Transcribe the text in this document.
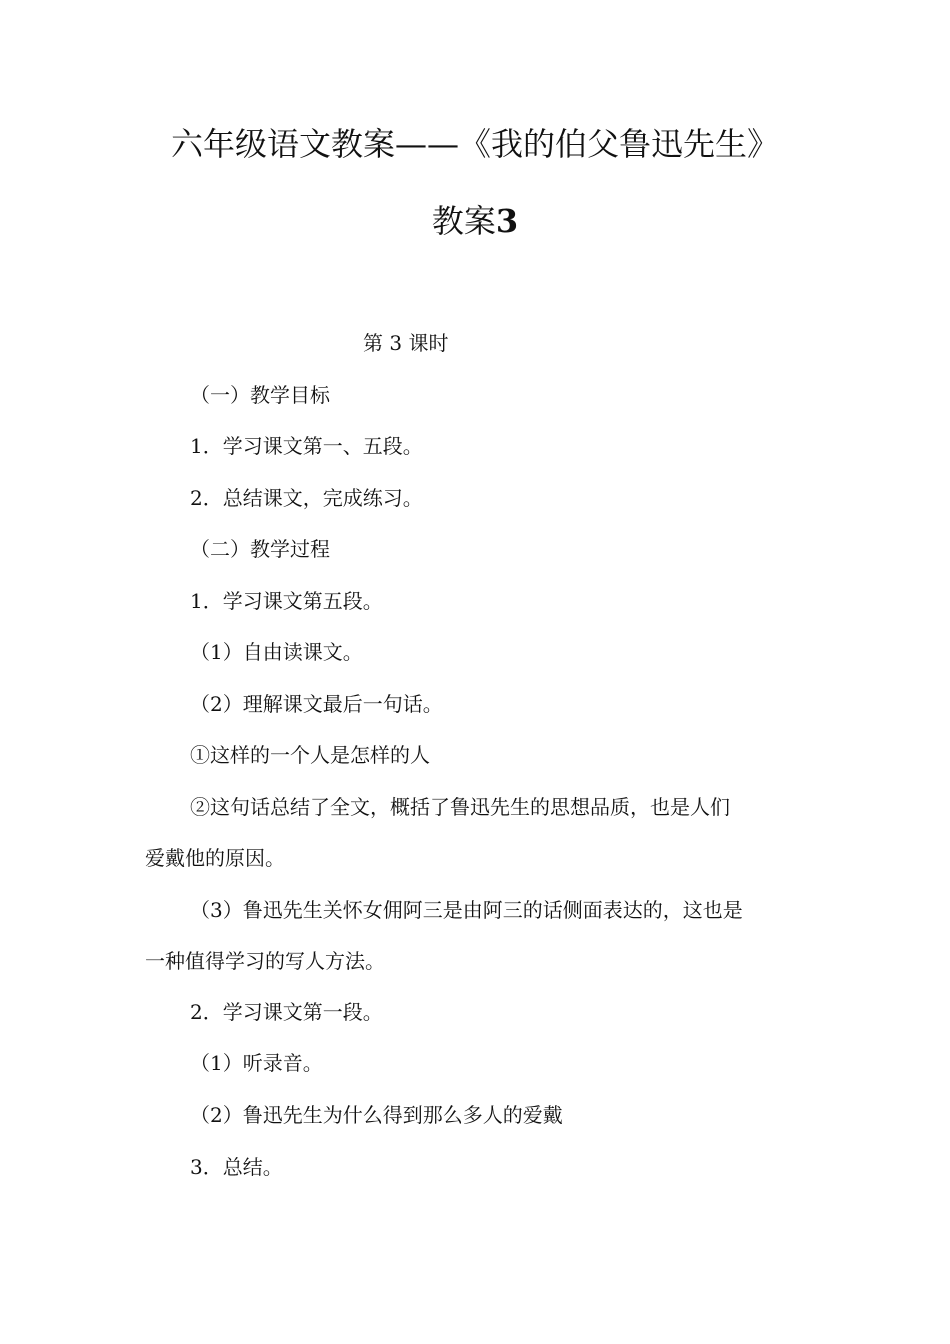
六年级语文教案——《我的伯父鲁迅先生》
教案3
第 3 课时
（一）教学目标
1．学习课文第一、五段。
2．总结课文，完成练习。
（二）教学过程
1．学习课文第五段。
（1）自由读课文。
（2）理解课文最后一句话。
①这样的一个人是怎样的人
②这句话总结了全文，概括了鲁迅先生的思想品质，也是人们
爱戴他的原因。
（3）鲁迅先生关怀女佣阿三是由阿三的话侧面表达的，这也是
一种值得学习的写人方法。
2．学习课文第一段。
（1）听录音。
（2）鲁迅先生为什么得到那么多人的爱戴
3．总结。
